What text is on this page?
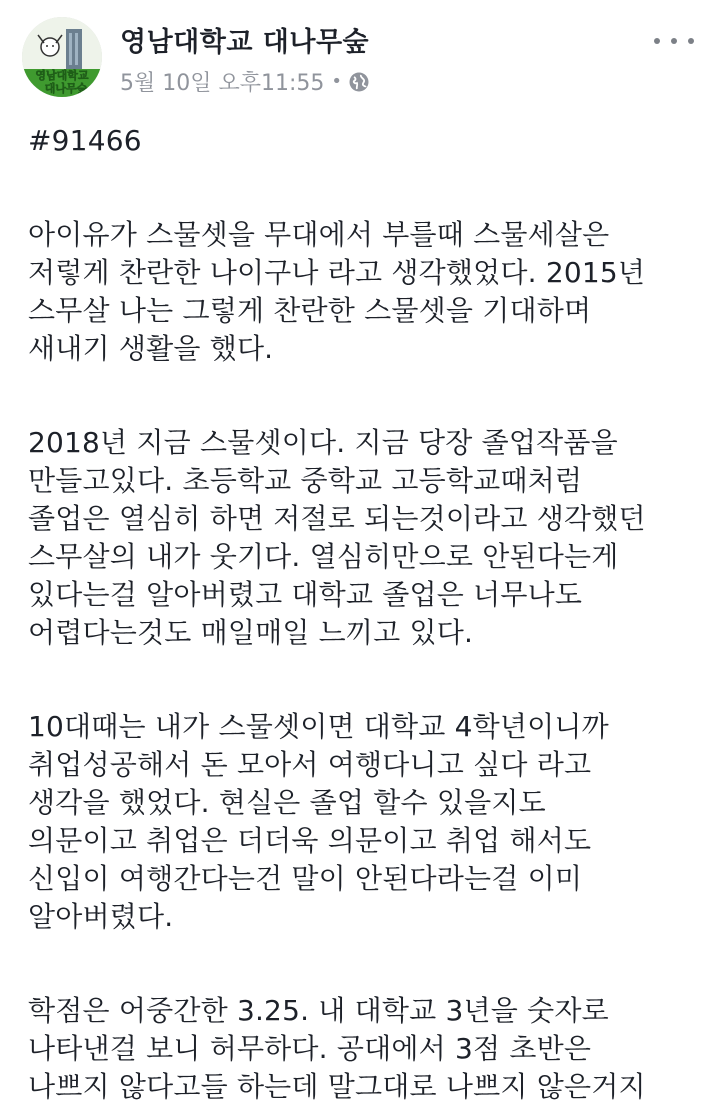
영남대학교
대나무숲
영남대학교 대나무숲
5월 10일 오후11:55 •
#91466
아이유가 스물셋을 무대에서 부를때 스물세살은
저렇게 찬란한 나이구나 라고 생각했었다. 2015년
스무살 나는 그렇게 찬란한 스물셋을 기대하며
새내기 생활을 했다.
2018년 지금 스물셋이다. 지금 당장 졸업작품을
만들고있다. 초등학교 중학교 고등학교때처럼
졸업은 열심히 하면 저절로 되는것이라고 생각했던
스무살의 내가 웃기다. 열심히만으로 안된다는게
있다는걸 알아버렸고 대학교 졸업은 너무나도
어렵다는것도 매일매일 느끼고 있다.
10대때는 내가 스물셋이면 대학교 4학년이니까
취업성공해서 돈 모아서 여행다니고 싶다 라고
생각을 했었다. 현실은 졸업 할수 있을지도
의문이고 취업은 더더욱 의문이고 취업 해서도
신입이 여행간다는건 말이 안된다라는걸 이미
알아버렸다.
학점은 어중간한 3.25. 내 대학교 3년을 숫자로
나타낸걸 보니 허무하다. 공대에서 3점 초반은
나쁘지 않다고들 하는데 말그대로 나쁘지 않은거지
